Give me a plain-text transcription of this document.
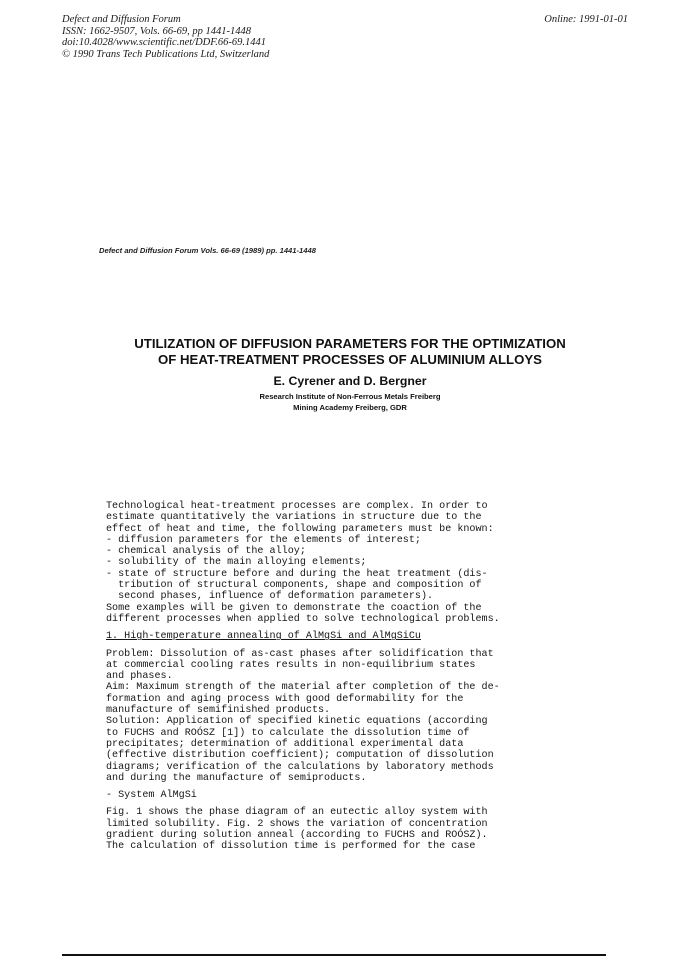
Defect and Diffusion Forum
ISSN: 1662-9507, Vols. 66-69, pp 1441-1448
doi:10.4028/www.scientific.net/DDF.66-69.1441
© 1990 Trans Tech Publications Ltd, Switzerland
Online: 1991-01-01
Defect and Diffusion Forum Vols. 66-69 (1989) pp. 1441-1448
UTILIZATION OF DIFFUSION PARAMETERS FOR THE OPTIMIZATION
OF HEAT-TREATMENT PROCESSES OF ALUMINIUM ALLOYS
E. Cyrener and D. Bergner
Research Institute of Non-Ferrous Metals Freiberg
Mining Academy Freiberg, GDR
Technological heat-treatment processes are complex. In order to
estimate quantitatively the variations in structure due to the
effect of heat and time, the following parameters must be known:
- diffusion parameters for the elements of interest;
- chemical analysis of the alloy;
- solubility of the main alloying elements;
- state of structure before and during the heat treatment (dis-
tribution of structural components, shape and composition of
second phases, influence of deformation parameters).
Some examples will be given to demonstrate the coaction of the
different processes when applied to solve technological problems.
1. High-temperature annealing of AlMgSi and AlMgSiCu
Problem: Dissolution of as-cast phases after solidification that
at commercial cooling rates results in non-equilibrium states
and phases.
Aim: Maximum strength of the material after completion of the de-
formation and aging process with good deformability for the
manufacture of semifinished products.
Solution: Application of specified kinetic equations (according
to FUCHS and ROÓSZ [1]) to calculate the dissolution time of
precipitates; determination of additional experimental data
(effective distribution coefficient); computation of dissolution
diagrams; verification of the calculations by laboratory methods
and during the manufacture of semiproducts.
- System AlMgSi
Fig. 1 shows the phase diagram of an eutectic alloy system with
limited solubility. Fig. 2 shows the variation of concentration
gradient during solution anneal (according to FUCHS and ROÓSZ).
The calculation of dissolution time is performed for the case
